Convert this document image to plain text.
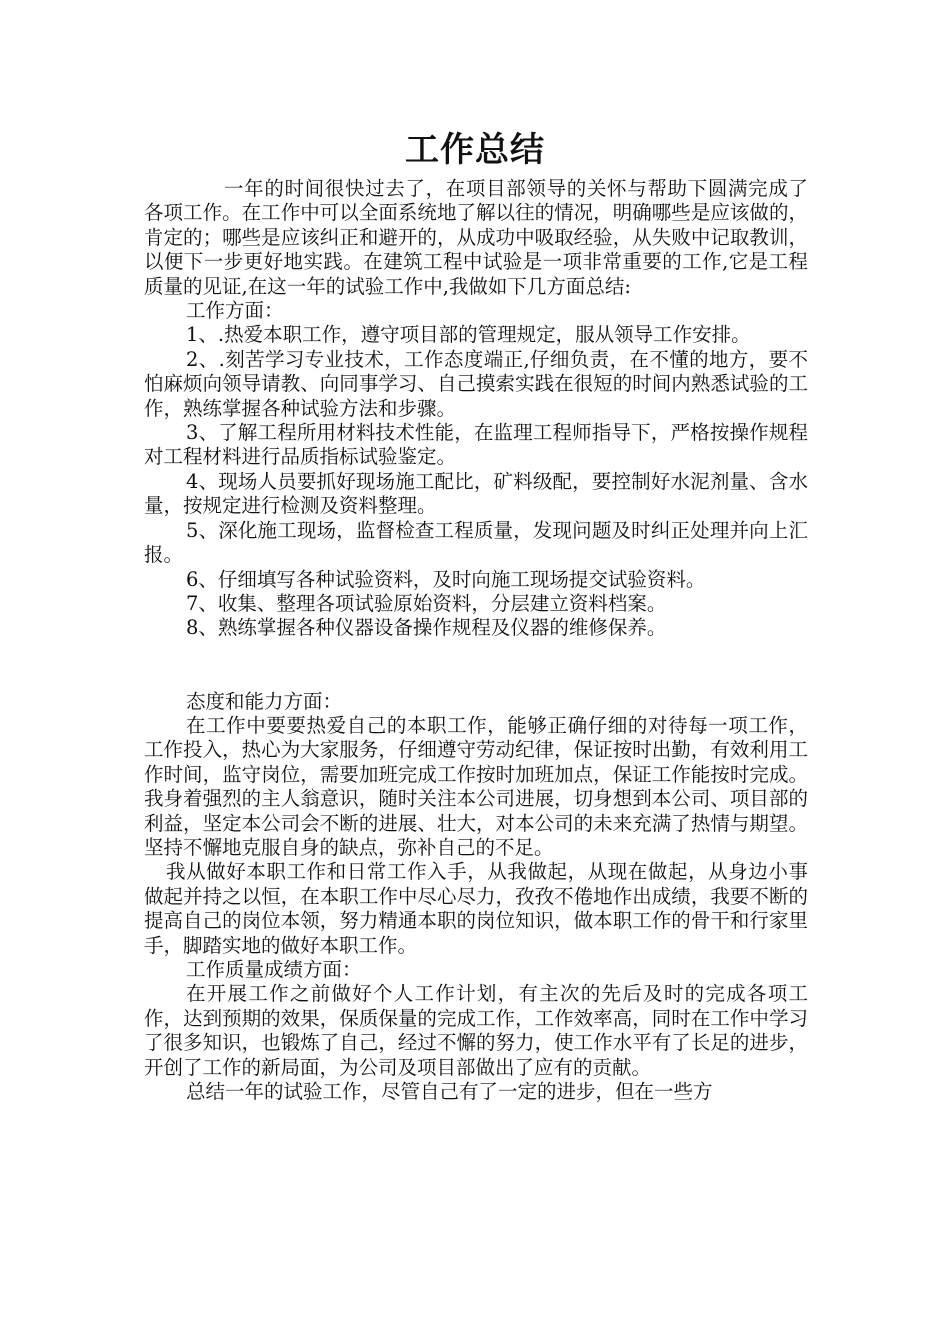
工作总结

一年的时间很快过去了，在项目部领导的关怀与帮助下圆满完成了各项工作。在工作中可以全面系统地了解以往的情况，明确哪些是应该做的，肯定的；哪些是应该纠正和避开的，从成功中吸取经验，从失败中记取教训，以便下一步更好地实践。在建筑工程中试验是一项非常重要的工作,它是工程质量的见证,在这一年的试验工作中,我做如下几方面总结:

工作方面：

1、.热爱本职工作，遵守项目部的管理规定，服从领导工作安排。

2、.刻苦学习专业技术，工作态度端正,仔细负责，在不懂的地方，要不怕麻烦向领导请教、向同事学习、自己摸索实践在很短的时间内熟悉试验的工作，熟练掌握各种试验方法和步骤。

3、了解工程所用材料技术性能，在监理工程师指导下，严格按操作规程对工程材料进行品质指标试验鉴定。

4、现场人员要抓好现场施工配比，矿料级配，要控制好水泥剂量、含水量，按规定进行检测及资料整理。

5、深化施工现场，监督检查工程质量，发现问题及时纠正处理并向上汇报。

6、仔细填写各种试验资料，及时向施工现场提交试验资料。

7、收集、整理各项试验原始资料，分层建立资料档案。

8、熟练掌握各种仪器设备操作规程及仪器的维修保养。

态度和能力方面：

在工作中要要热爱自己的本职工作，能够正确仔细的对待每一项工作，工作投入，热心为大家服务，仔细遵守劳动纪律，保证按时出勤，有效利用工作时间，监守岗位，需要加班完成工作按时加班加点，保证工作能按时完成。我身着强烈的主人翁意识，随时关注本公司进展，切身想到本公司、项目部的利益，坚定本公司会不断的进展、壮大，对本公司的未来充满了热情与期望。坚持不懈地克服自身的缺点，弥补自己的不足。

我从做好本职工作和日常工作入手，从我做起，从现在做起，从身边小事做起并持之以恒，在本职工作中尽心尽力，孜孜不倦地作出成绩，我要不断的提高自己的岗位本领，努力精通本职的岗位知识，做本职工作的骨干和行家里手，脚踏实地的做好本职工作。

工作质量成绩方面：

在开展工作之前做好个人工作计划，有主次的先后及时的完成各项工作，达到预期的效果，保质保量的完成工作，工作效率高，同时在工作中学习了很多知识，也锻炼了自己，经过不懈的努力，使工作水平有了长足的进步，开创了工作的新局面，为公司及项目部做出了应有的贡献。

总结一年的试验工作，尽管自己有了一定的进步，但在一些方
